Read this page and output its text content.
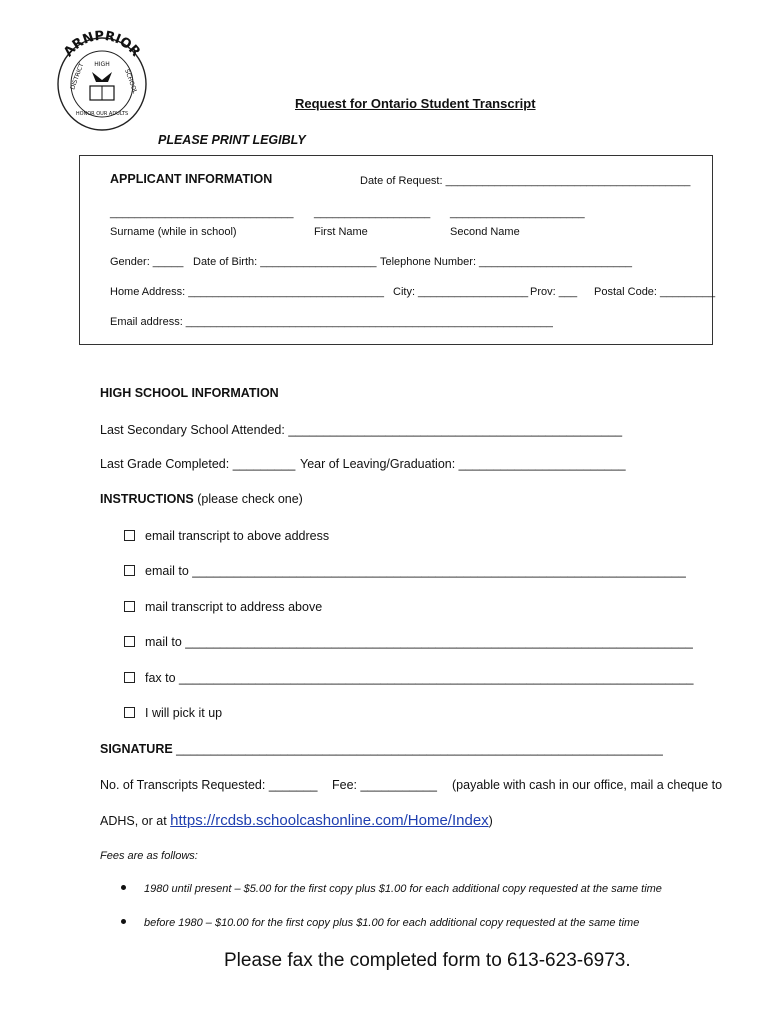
ARNPRIOR
DISTRICT HIGH
SCHOOL
HONOR OUR ADULTS
Request for Ontario Student Transcript
PLEASE PRINT LEGIBLY
APPLICANT INFORMATION	Date of Request: ________________________________________
______________________________ ___________________ ______________________
Surname (while in school)	First Name	Second Name
Gender: _____ Date of Birth: ___________________ Telephone Number: _________________________
Home Address: ________________________________ City: __________________ Prov: ___ Postal Code: _________
Email address: ____________________________________________________________
HIGH SCHOOL INFORMATION
Last Secondary School Attended: ________________________________________________
Last Grade Completed: _________ Year of Leaving/Graduation: ________________________
INSTRUCTIONS (please check one)
email transcript to above address
email to _______________________________________________________________________
mail transcript to address above
mail to _________________________________________________________________________
fax to __________________________________________________________________________
I will pick it up
SIGNATURE ______________________________________________________________________
No. of Transcripts Requested: _______ Fee: ___________ (payable with cash in our office, mail a cheque to
ADHS, or at https://rcdsb.schoolcashonline.com/Home/Index)
Fees are as follows:
1980 until present – $5.00 for the first copy plus $1.00 for each additional copy requested at the same time
before 1980 – $10.00 for the first copy plus $1.00 for each additional copy requested at the same time
Please fax the completed form to 613-623-6973.
